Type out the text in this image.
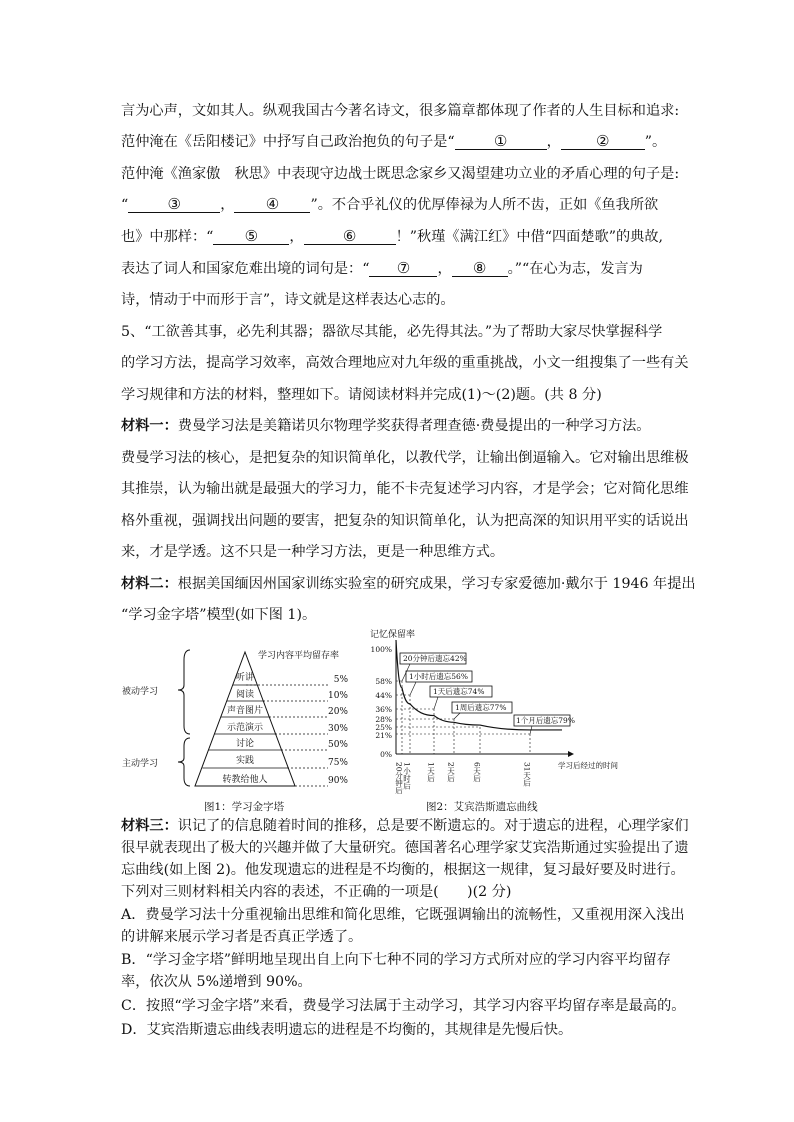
言为心声，文如其人。纵观我国古今著名诗文，很多篇章都体现了作者的人生目标和追求:
范仲淹在《岳阳楼记》中抒写自己政治抱负的句子是“	①	， ② ”。
范仲淹《渔家傲　秋思》中表现守边战士既思念家乡又渴望建功立业的矛盾心理的句子是:
“	③	， ④ ”。不合乎礼仪的优厚俸禄为人所不齿，正如《鱼我所欲
也》中那样：“ ⑤ ，	⑥	！”秋瑾《满江红》中借“四面楚歌”的典故,
表达了词人和国家危难出境的词句是：“ ⑦ ， ⑧ 。”“在心为志，发言为
诗，情动于中而形于言”，诗文就是这样表达心志的。
5、“工欲善其事，必先利其器；器欲尽其能，必先得其法。”为了帮助大家尽快掌握科学
的学习方法，提高学习效率，高效合理地应对九年级的重重挑战，小文一组搜集了一些有关
学习规律和方法的材料，整理如下。请阅读材料并完成(1)～(2)题。(共 8 分)
材料一：费曼学习法是美籍诺贝尔物理学奖获得者理查德·费曼提出的一种学习方法。
费曼学习法的核心，是把复杂的知识简单化，以教代学，让输出倒逼输入。它对输出思维极
其推崇，认为输出就是最强大的学习力，能不卡壳复述学习内容，才是学会；它对简化思维
格外重视，强调找出问题的要害，把复杂的知识简单化，认为把高深的知识用平实的话说出
来，才是学透。这不只是一种学习方法，更是一种思维方式。
材料二：根据美国缅因州国家训练实验室的研究成果，学习专家爱德加·戴尔于 1946 年提出
“学习金字塔”模型(如下图 1)。
学习内容平均留存率
被动学习
主动学习
听讲
阅读
声音图片
示范演示
讨论
实践
转教给他人
5%
10%
20%
30%
50%
75%
90%
图1：学习金字塔
记忆保留率
100%
58%
44%
36%
28%
25%
21%
0%
20分钟后遗忘42%
1小时后遗忘56%
1天后遗忘74%
1周后遗忘77%
1个月后遗忘79%
20分钟后 1小时后 1天后 2天后 6天后	31天后	学习后经过的时间
图2：艾宾浩斯遗忘曲线
材料三：识记了的信息随着时间的推移，总是要不断遗忘的。对于遗忘的进程，心理学家们
很早就表现出了极大的兴趣并做了大量研究。德国著名心理学家艾宾浩斯通过实验提出了遗
忘曲线(如上图 2)。他发现遗忘的进程是不均衡的，根据这一规律，复习最好要及时进行。
下列对三则材料相关内容的表述，不正确的一项是(　　)(2 分)
A．费曼学习法十分重视输出思维和简化思维，它既强调输出的流畅性，又重视用深入浅出
的讲解来展示学习者是否真正学透了。
B．“学习金字塔”鲜明地呈现出自上向下七种不同的学习方式所对应的学习内容平均留存
率，依次从 5%递增到 90%。
C．按照“学习金字塔”来看，费曼学习法属于主动学习，其学习内容平均留存率是最高的。
D．艾宾浩斯遗忘曲线表明遗忘的进程是不均衡的，其规律是先慢后快。
